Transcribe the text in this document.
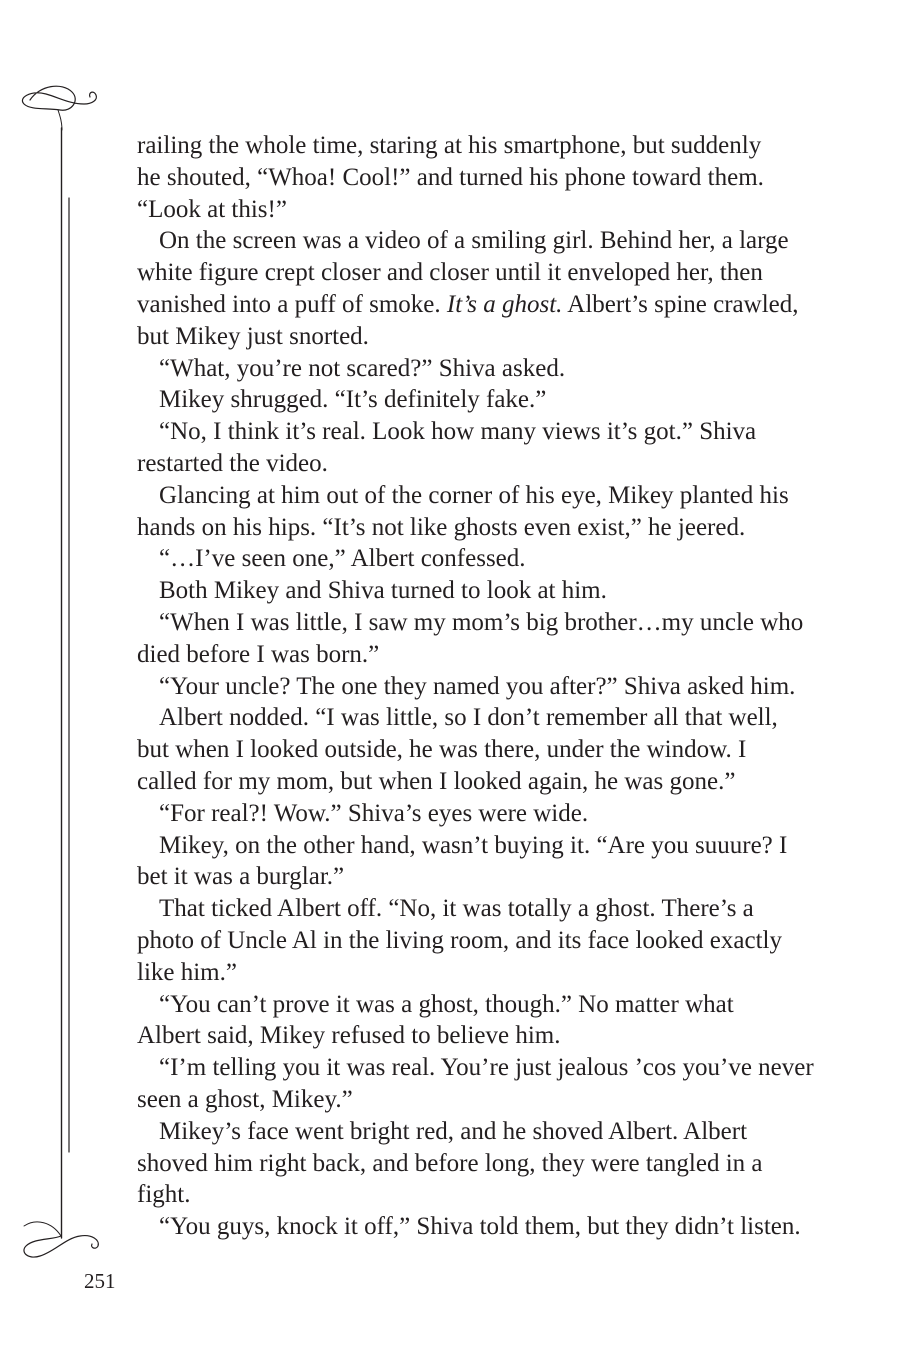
railing the whole time, staring at his smartphone, but suddenly
he shouted, “Whoa! Cool!” and turned his phone toward them.
“Look at this!”
On the screen was a video of a smiling girl. Behind her, a large
white figure crept closer and closer until it enveloped her, then
vanished into a puff of smoke. It’s a ghost. Albert’s spine crawled,
but Mikey just snorted.
“What, you’re not scared?” Shiva asked.
Mikey shrugged. “It’s definitely fake.”
“No, I think it’s real. Look how many views it’s got.” Shiva
restarted the video.
Glancing at him out of the corner of his eye, Mikey planted his
hands on his hips. “It’s not like ghosts even exist,” he jeered.
“…I’ve seen one,” Albert confessed.
Both Mikey and Shiva turned to look at him.
“When I was little, I saw my mom’s big brother…my uncle who
died before I was born.”
“Your uncle? The one they named you after?” Shiva asked him.
Albert nodded. “I was little, so I don’t remember all that well,
but when I looked outside, he was there, under the window. I
called for my mom, but when I looked again, he was gone.”
“For real?! Wow.” Shiva’s eyes were wide.
Mikey, on the other hand, wasn’t buying it. “Are you suuure? I
bet it was a burglar.”
That ticked Albert off. “No, it was totally a ghost. There’s a
photo of Uncle Al in the living room, and its face looked exactly
like him.”
“You can’t prove it was a ghost, though.” No matter what
Albert said, Mikey refused to believe him.
“I’m telling you it was real. You’re just jealous ’cos you’ve never
seen a ghost, Mikey.”
Mikey’s face went bright red, and he shoved Albert. Albert
shoved him right back, and before long, they were tangled in a
fight.
“You guys, knock it off,” Shiva told them, but they didn’t listen.
251
